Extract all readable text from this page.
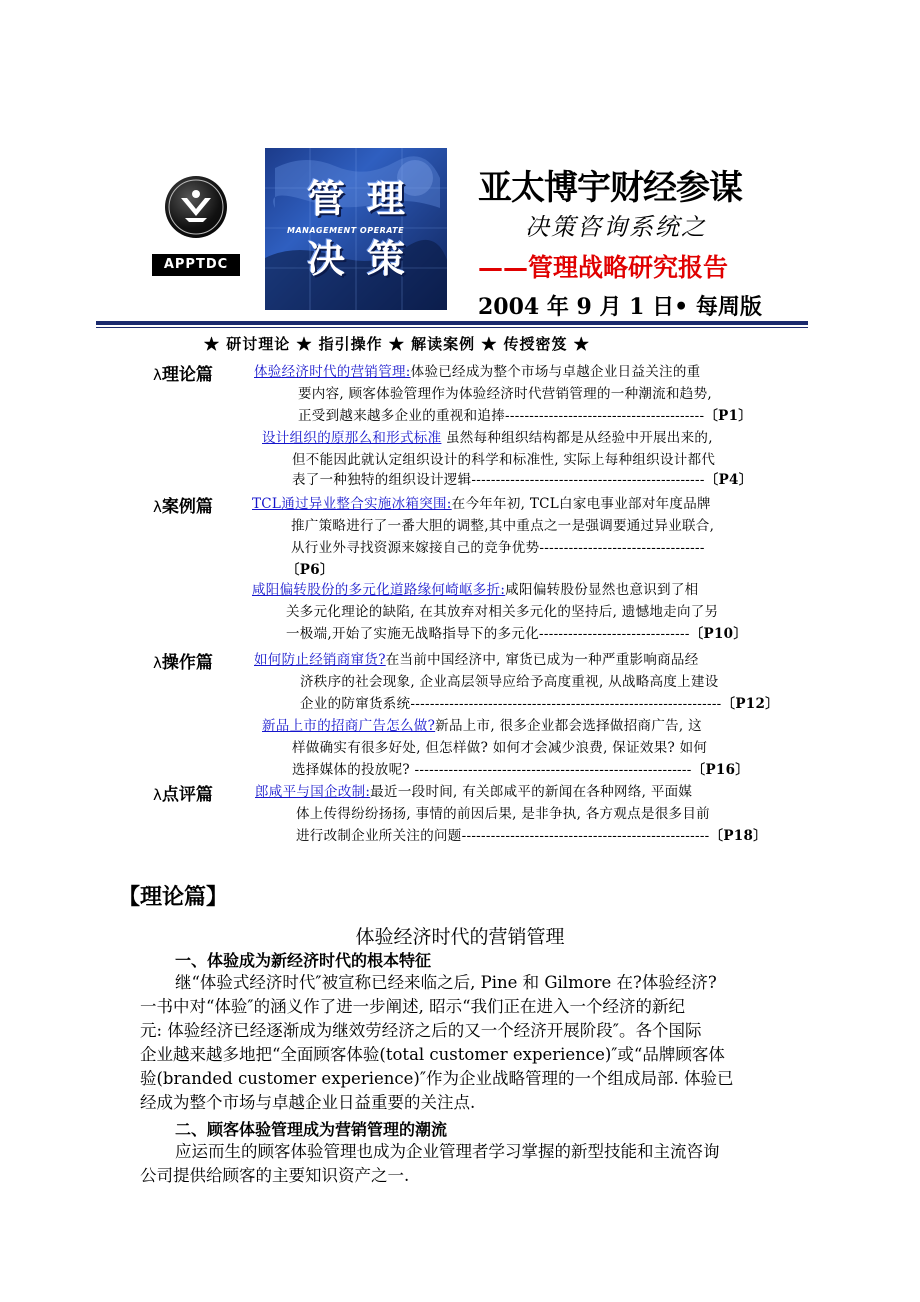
APPTDC
管 理
MANAGEMENT OPERATE
决 策
亚太博宇财经参谋
决策咨询系统之
——管理战略研究报告
2004 年 9 月 1 日• 每周版
★ 研讨理论 ★ 指引操作 ★ 解读案例 ★ 传授密笈 ★
λ理论篇
λ案例篇
λ操作篇
λ点评篇
体验经济时代的营销管理:体验已经成为整个市场与卓越企业日益关注的重
要内容, 顾客体验管理作为体验经济时代营销管理的一种潮流和趋势,
正受到越来越多企业的重视和追捧-----------------------------------------〔P1〕
设计组织的原那么和形式标准 虽然每种组织结构都是从经验中开展出来的,
但不能因此就认定组织设计的科学和标准性, 实际上每种组织设计都代
表了一种独特的组织设计逻辑------------------------------------------------〔P4〕
TCL通过异业整合实施冰箱突围:在今年年初, TCL白家电事业部对年度品牌
推广策略进行了一番大胆的调整,其中重点之一是强调要通过异业联合,
从行业外寻找资源来嫁接自己的竞争优势----------------------------------
〔P6〕
咸阳偏转股份的多元化道路缘何崎岖多折:咸阳偏转股份显然也意识到了相
关多元化理论的缺陷, 在其放弃对相关多元化的坚持后, 遗憾地走向了另
一极端,开始了实施无战略指导下的多元化-------------------------------〔P10〕
如何防止经销商窜货?在当前中国经济中, 窜货已成为一种严重影响商品经
济秩序的社会现象, 企业高层领导应给予高度重视, 从战略高度上建设
企业的防窜货系统----------------------------------------------------------------〔P12〕
新品上市的招商广告怎么做?新品上市, 很多企业都会选择做招商广告, 这
样做确实有很多好处, 但怎样做? 如何才会减少浪费, 保证效果? 如何
选择媒体的投放呢? ---------------------------------------------------------〔P16〕
郎咸平与国企改制:最近一段时间, 有关郎咸平的新闻在各种网络, 平面媒
体上传得纷纷扬扬, 事情的前因后果, 是非争执, 各方观点是很多目前
进行改制企业所关注的问题---------------------------------------------------〔P18〕
【理论篇】
体验经济时代的营销管理
一、体验成为新经济时代的根本特征
继“体验式经济时代″被宣称已经来临之后, Pine 和 Gilmore 在?体验经济?
一书中对“体验″的涵义作了进一步阐述, 昭示“我们正在进入一个经济的新纪
元: 体验经济已经逐渐成为继效劳经济之后的又一个经济开展阶段″。各个国际
企业越来越多地把“全面顾客体验(total customer experience)″或“品牌顾客体
验(branded customer experience)″作为企业战略管理的一个组成局部. 体验已
经成为整个市场与卓越企业日益重要的关注点.
二、顾客体验管理成为营销管理的潮流
应运而生的顾客体验管理也成为企业管理者学习掌握的新型技能和主流咨询
公司提供给顾客的主要知识资产之一.
